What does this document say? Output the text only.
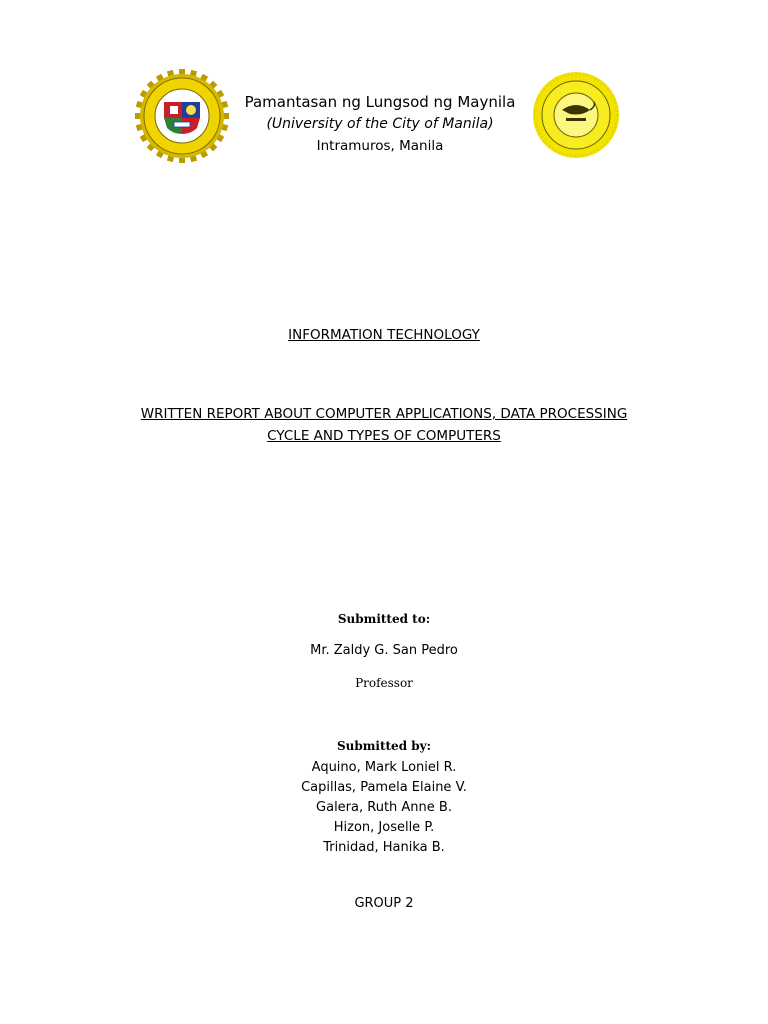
Pamantasan ng Lungsod ng Maynila
(University of the City of Manila)
Intramuros, Manila
INFORMATION TECHNOLOGY
WRITTEN REPORT ABOUT COMPUTER APPLICATIONS, DATA PROCESSING
CYCLE AND TYPES OF COMPUTERS
Submitted to:
Mr. Zaldy G. San Pedro
Professor
Submitted by:
Aquino, Mark Loniel R.
Capillas, Pamela Elaine V.
Galera, Ruth Anne B.
Hizon, Joselle P.
Trinidad, Hanika B.
GROUP 2
